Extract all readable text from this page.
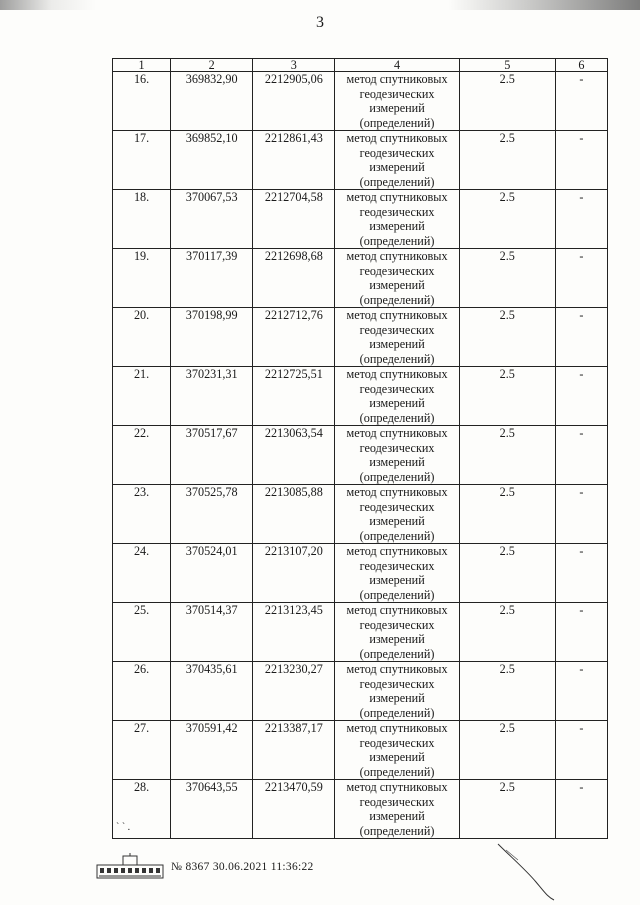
3
1	2	3	4	5	6
16.	369832,90	2212905,06	метод спутниковых геодезических измерений (определений)	2.5	-
17.	369852,10	2212861,43	метод спутниковых геодезических измерений (определений)	2.5	-
18.	370067,53	2212704,58	метод спутниковых геодезических измерений (определений)	2.5	-
19.	370117,39	2212698,68	метод спутниковых геодезических измерений (определений)	2.5	-
20.	370198,99	2212712,76	метод спутниковых геодезических измерений (определений)	2.5	-
21.	370231,31	2212725,51	метод спутниковых геодезических измерений (определений)	2.5	-
22.	370517,67	2213063,54	метод спутниковых геодезических измерений (определений)	2.5	-
23.	370525,78	2213085,88	метод спутниковых геодезических измерений (определений)	2.5	-
24.	370524,01	2213107,20	метод спутниковых геодезических измерений (определений)	2.5	-
25.	370514,37	2213123,45	метод спутниковых геодезических измерений (определений)	2.5	-
26.	370435,61	2213230,27	метод спутниковых геодезических измерений (определений)	2.5	-
27.	370591,42	2213387,17	метод спутниковых геодезических измерений (определений)	2.5	-
28.	370643,55	2213470,59	метод спутниковых геодезических измерений (определений)	2.5	-
` ` .
№ 8367 30.06.2021 11:36:22
